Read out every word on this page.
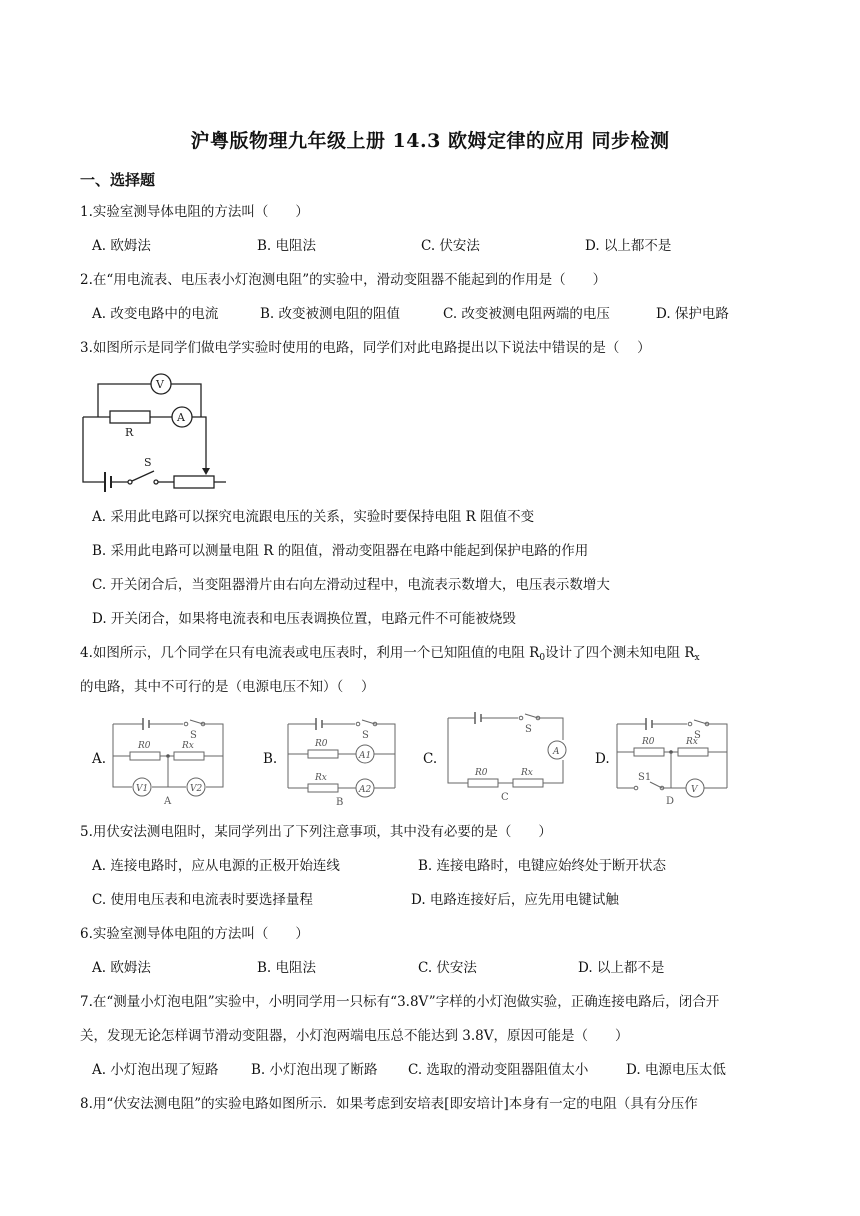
沪粤版物理九年级上册 14.3 欧姆定律的应用 同步检测
一、选择题
1.实验室测导体电阻的方法叫（　　）
A. 欧姆法	B. 电阻法	C. 伏安法	D. 以上都不是
2.在“用电流表、电压表小灯泡测电阻”的实验中，滑动变阻器不能起到的作用是（　　）
A. 改变电路中的电流	B. 改变被测电阻的阻值	C. 改变被测电阻两端的电压	D. 保护电路
3.如图所示是同学们做电学实验时使用的电路，同学们对此电路提出以下说法中错误的是（　 ）
V
R
A
S
A. 采用此电路可以探究电流跟电压的关系，实验时要保持电阻 R 阻值不变
B. 采用此电路可以测量电阻 R 的阻值，滑动变阻器在电路中能起到保护电路的作用
C. 开关闭合后，当变阻器滑片由右向左滑动过程中，电流表示数增大，电压表示数增大
D. 开关闭合，如果将电流表和电压表调换位置，电路元件不可能被烧毁
4.如图所示，几个同学在只有电流表或电压表时，利用一个已知阻值的电阻 $R_0$设计了四个测未知电阻 $R_x$
的电路，其中不可行的是（电源电压不知）（　 ）
A.
S
R0	Rx
V1	V2
A
B.
S
R0
A1
Rx
A2
B
C.
S
A
R0	Rx
C
D.
S
R0	Rx
S1
V
D
5.用伏安法测电阻时，某同学列出了下列注意事项，其中没有必要的是（　　）
A. 连接电路时，应从电源的正极开始连线	B. 连接电路时，电键应始终处于断开状态
C. 使用电压表和电流表时要选择量程	D. 电路连接好后，应先用电键试触
6.实验室测导体电阻的方法叫（　　）
A. 欧姆法	B. 电阻法	C. 伏安法	D. 以上都不是
7.在“测量小灯泡电阻”实验中，小明同学用一只标有“3.8V”字样的小灯泡做实验，正确连接电路后，闭合开
关，发现无论怎样调节滑动变阻器，小灯泡两端电压总不能达到 3.8V，原因可能是（　　）
A. 小灯泡出现了短路 B. 小灯泡出现了断路 C. 选取的滑动变阻器阻值太小	D. 电源电压太低
8.用“伏安法测电阻”的实验电路如图所示．如果考虑到安培表[即安培计]本身有一定的电阻（具有分压作
